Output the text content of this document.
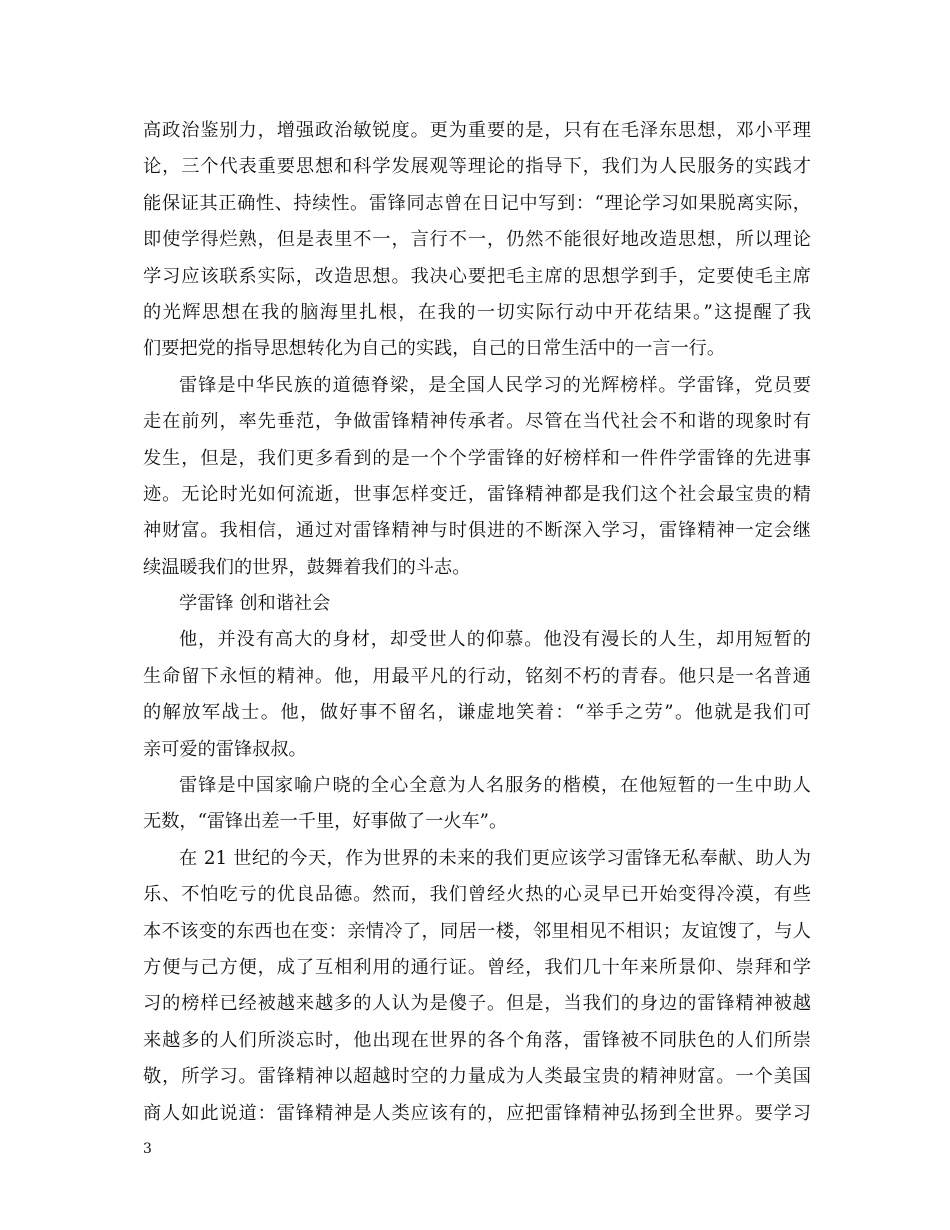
高政治鉴别力，增强政治敏锐度。更为重要的是，只有在毛泽东思想，邓小平理
论，三个代表重要思想和科学发展观等理论的指导下，我们为人民服务的实践才
能保证其正确性、持续性。雷锋同志曾在日记中写到：“理论学习如果脱离实际，
即使学得烂熟，但是表里不一，言行不一，仍然不能很好地改造思想，所以理论
学习应该联系实际，改造思想。我决心要把毛主席的思想学到手，定要使毛主席
的光辉思想在我的脑海里扎根，在我的一切实际行动中开花结果。”这提醒了我
们要把党的指导思想转化为自己的实践，自己的日常生活中的一言一行。
雷锋是中华民族的道德脊梁，是全国人民学习的光辉榜样。学雷锋，党员要
走在前列，率先垂范，争做雷锋精神传承者。尽管在当代社会不和谐的现象时有
发生，但是，我们更多看到的是一个个学雷锋的好榜样和一件件学雷锋的先进事
迹。无论时光如何流逝，世事怎样变迁，雷锋精神都是我们这个社会最宝贵的精
神财富。我相信，通过对雷锋精神与时俱进的不断深入学习，雷锋精神一定会继
续温暖我们的世界，鼓舞着我们的斗志。
学雷锋 创和谐社会
他，并没有高大的身材，却受世人的仰慕。他没有漫长的人生，却用短暂的
生命留下永恒的精神。他，用最平凡的行动，铭刻不朽的青春。他只是一名普通
的解放军战士。他，做好事不留名，谦虚地笑着：“举手之劳”。他就是我们可
亲可爱的雷锋叔叔。
雷锋是中国家喻户晓的全心全意为人名服务的楷模，在他短暂的一生中助人
无数，“雷锋出差一千里，好事做了一火车”。
在 21 世纪的今天，作为世界的未来的我们更应该学习雷锋无私奉献、助人为
乐、不怕吃亏的优良品德。然而，我们曾经火热的心灵早已开始变得冷漠，有些
本不该变的东西也在变：亲情冷了，同居一楼，邻里相见不相识；友谊馊了，与人
方便与己方便，成了互相利用的通行证。曾经，我们几十年来所景仰、崇拜和学
习的榜样已经被越来越多的人认为是傻子。但是，当我们的身边的雷锋精神被越
来越多的人们所淡忘时，他出现在世界的各个角落，雷锋被不同肤色的人们所崇
敬，所学习。雷锋精神以超越时空的力量成为人类最宝贵的精神财富。一个美国
商人如此说道：雷锋精神是人类应该有的，应把雷锋精神弘扬到全世界。要学习
3
